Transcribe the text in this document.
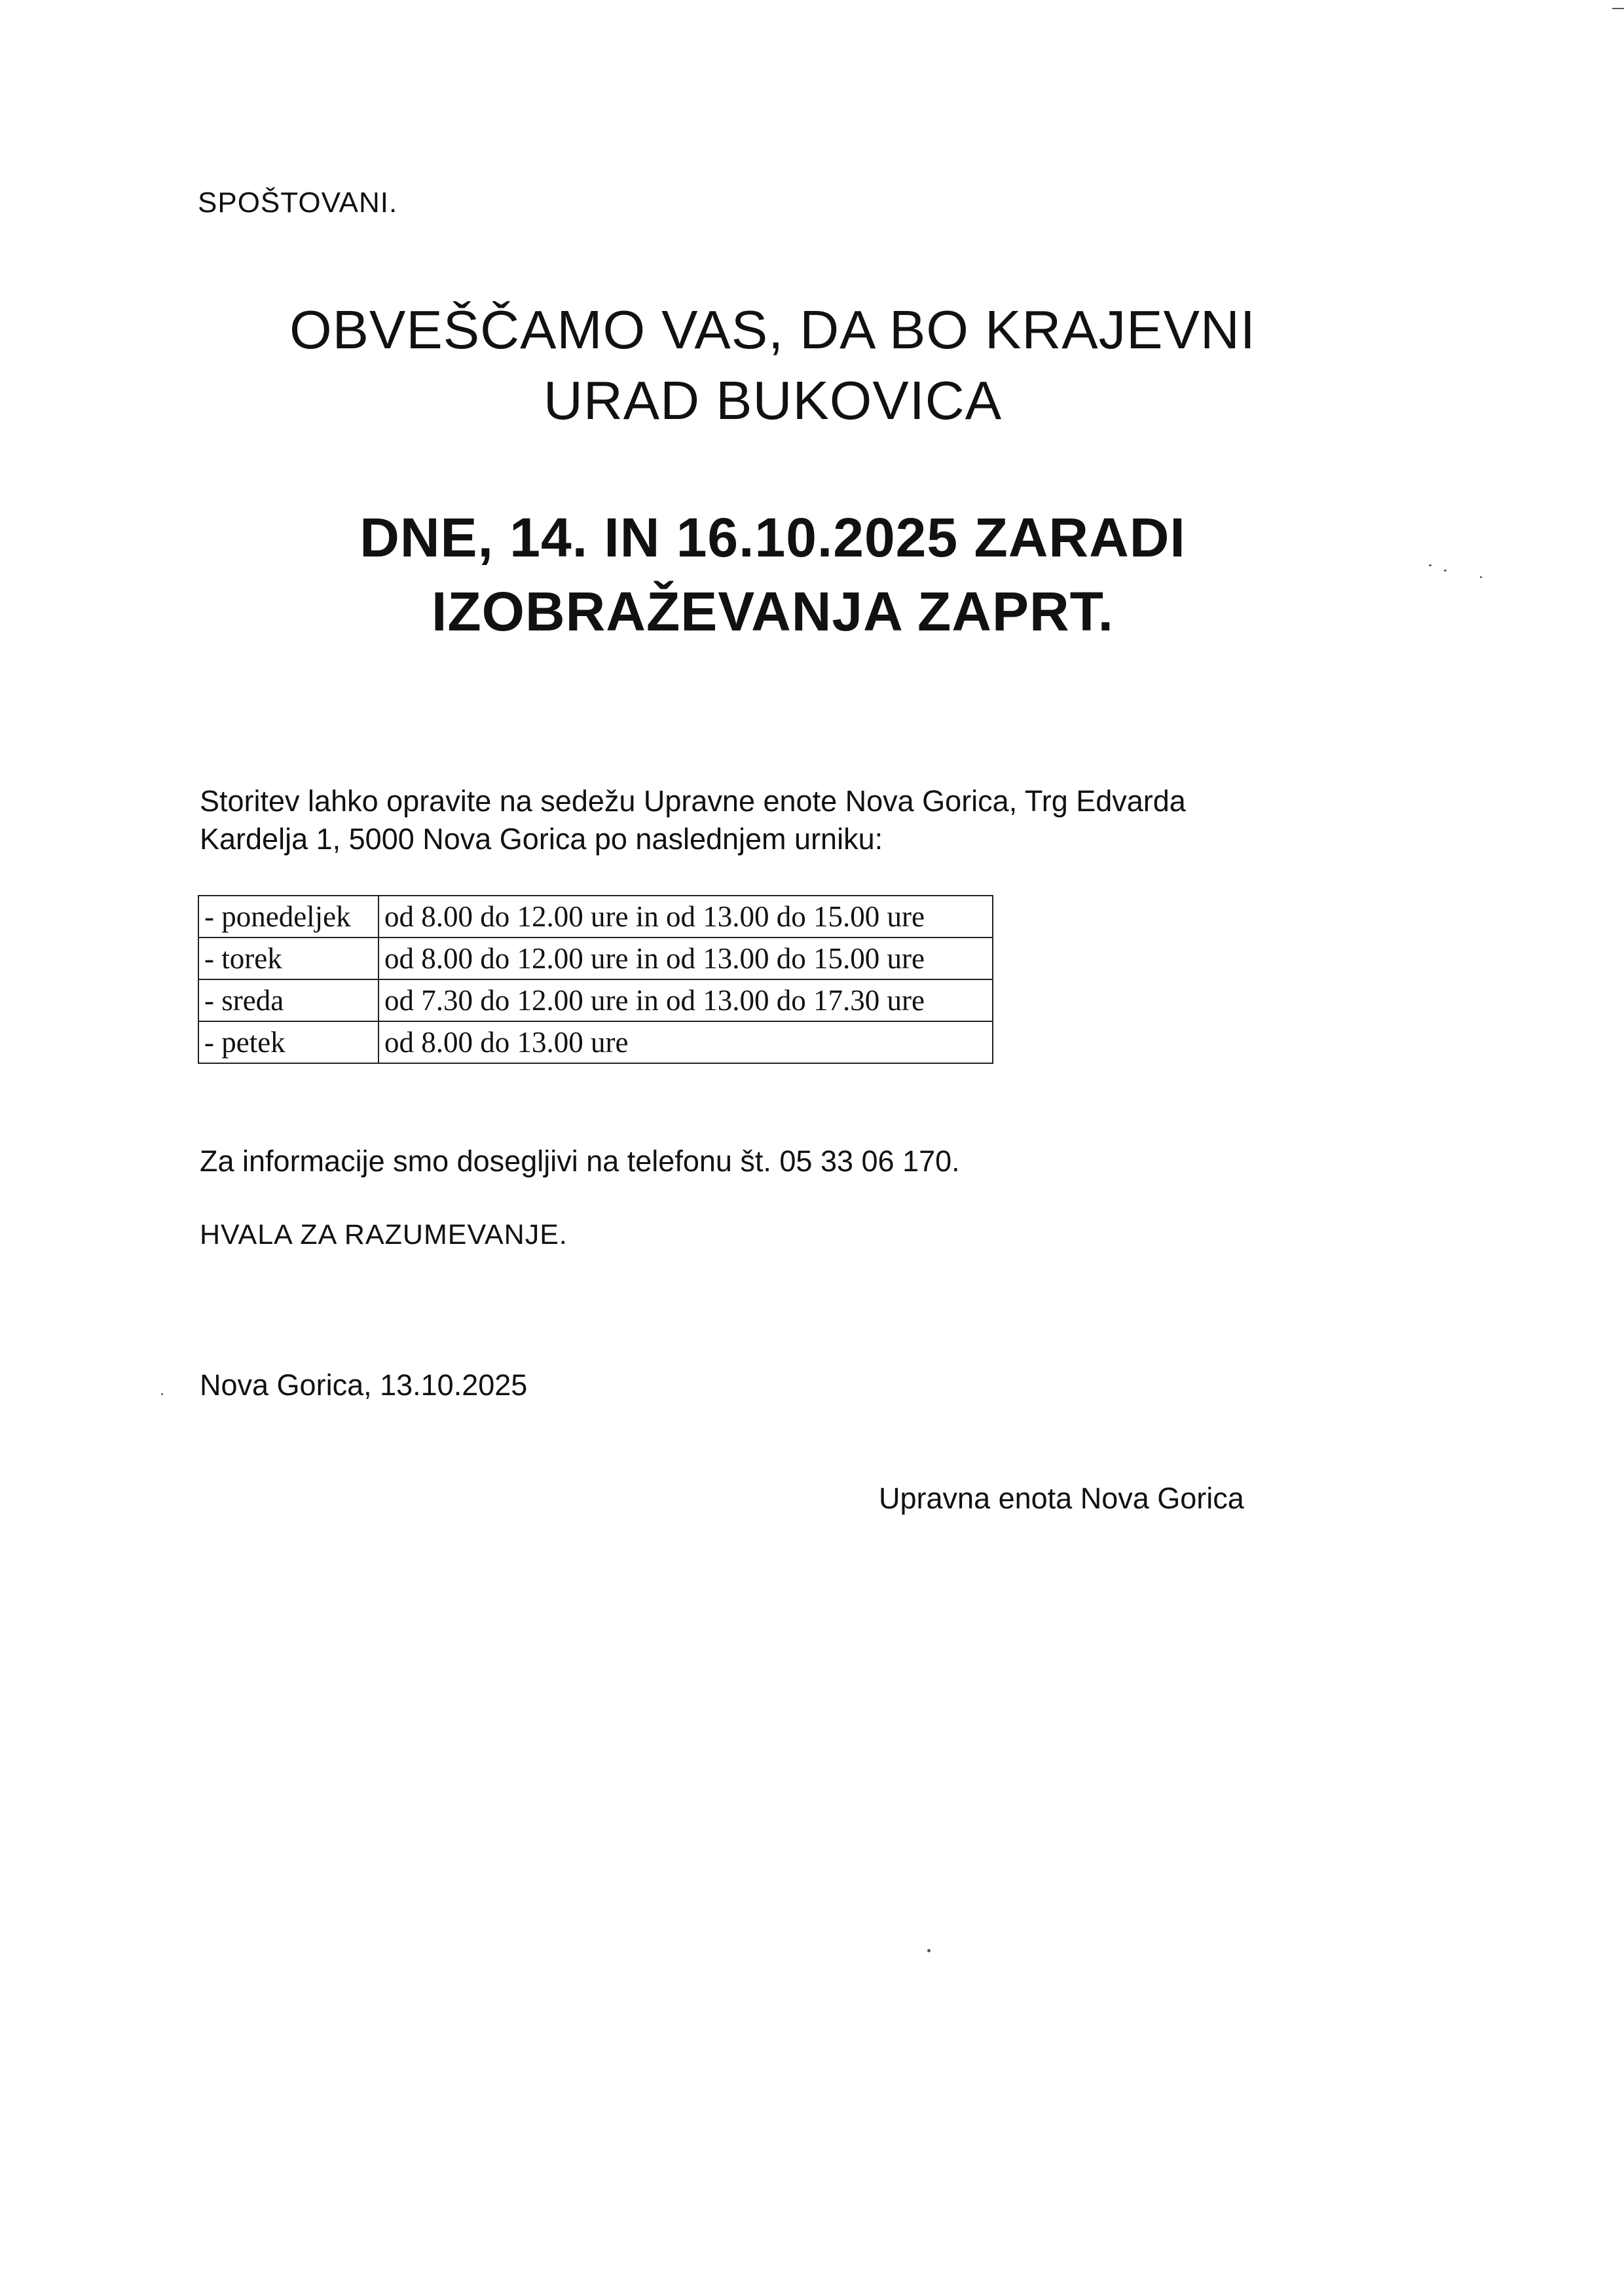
SPOŠTOVANI.
OBVEŠČAMO VAS, DA BO KRAJEVNI
URAD BUKOVICA
DNE, 14. IN 16.10.2025 ZARADI
IZOBRAŽEVANJA ZAPRT.
Storitev lahko opravite na sedežu Upravne enote Nova Gorica, Trg Edvarda
Kardelja 1, 5000 Nova Gorica po naslednjem urniku:
- ponedeljek	od 8.00 do 12.00 ure in od 13.00 do 15.00 ure
- torek	od 8.00 do 12.00 ure in od 13.00 do 15.00 ure
- sreda	od 7.30 do 12.00 ure in od 13.00 do 17.30 ure
- petek	od 8.00 do 13.00 ure
Za informacije smo dosegljivi na telefonu št. 05 33 06 170.
HVALA ZA RAZUMEVANJE.
Nova Gorica, 13.10.2025
Upravna enota Nova Gorica
